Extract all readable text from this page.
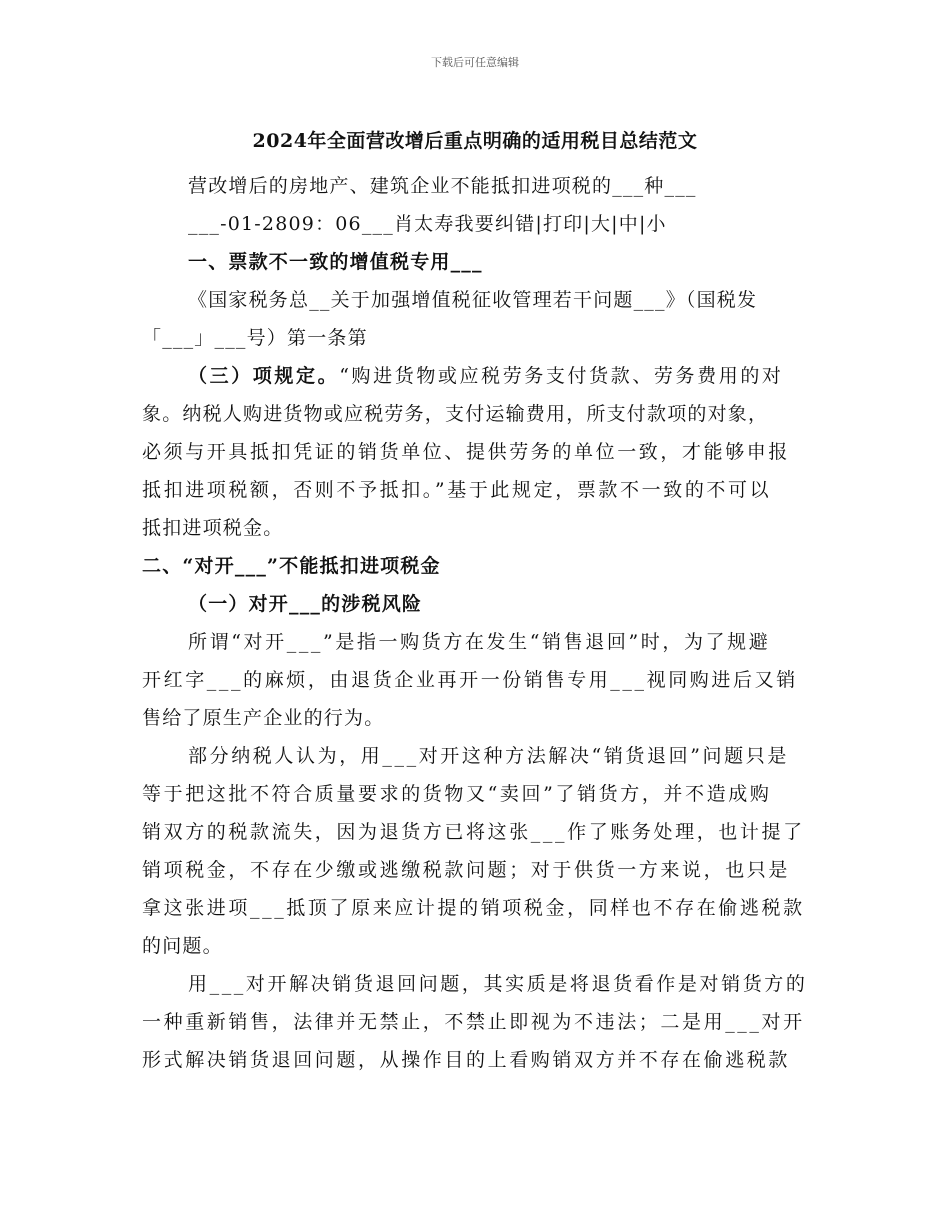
下载后可任意编辑
2024年全面营改增后重点明确的适用税目总结范文
营改增后的房地产、建筑企业不能抵扣进项税的___种___
___-01-2809：06___肖太寿我要纠错|打印|大|中|小
一、票款不一致的增值税专用___
《国家税务总__关于加强增值税征收管理若干问题___》（国税发
「___」___号）第一条第
（三）项规定。“购进货物或应税劳务支付货款、劳务费用的对
象。纳税人购进货物或应税劳务，支付运输费用，所支付款项的对象，
必须与开具抵扣凭证的销货单位、提供劳务的单位一致，才能够申报
抵扣进项税额，否则不予抵扣。”基于此规定，票款不一致的不可以
抵扣进项税金。
二、“对开___”不能抵扣进项税金
（一）对开___的涉税风险
所谓“对开___”是指一购货方在发生“销售退回”时，为了规避
开红字___的麻烦，由退货企业再开一份销售专用___视同购进后又销
售给了原生产企业的行为。
部分纳税人认为，用___对开这种方法解决“销货退回”问题只是
等于把这批不符合质量要求的货物又“卖回”了销货方，并不造成购
销双方的税款流失，因为退货方已将这张___作了账务处理，也计提了
销项税金，不存在少缴或逃缴税款问题；对于供货一方来说，也只是
拿这张进项___抵顶了原来应计提的销项税金，同样也不存在偷逃税款
的问题。
用___对开解决销货退回问题，其实质是将退货看作是对销货方的
一种重新销售，法律并无禁止，不禁止即视为不违法；二是用___对开
形式解决销货退回问题，从操作目的上看购销双方并不存在偷逃税款
